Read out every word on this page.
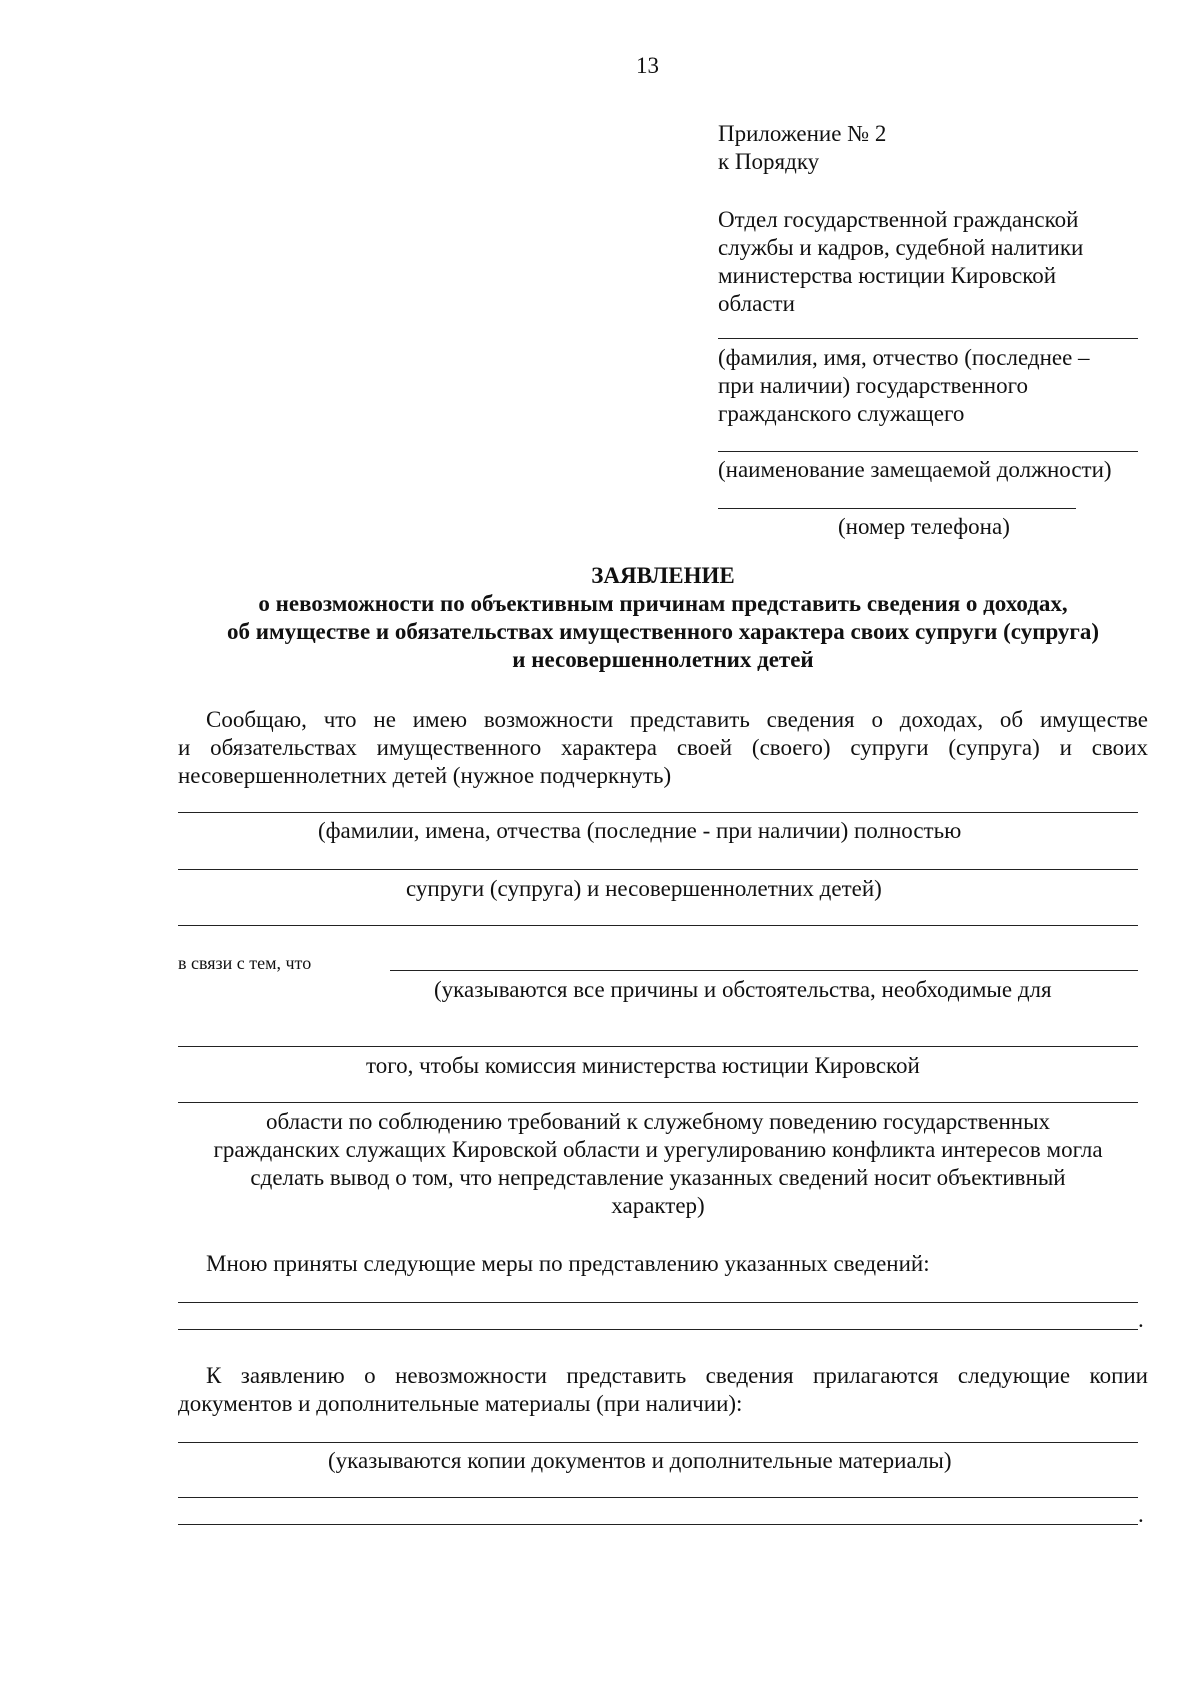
13
Приложение № 2
к Порядку
Отдел государственной гражданской
службы и кадров, судебной налитики
министерства юстиции Кировской
области
(фамилия, имя, отчество (последнее –
при наличии) государственного
гражданского служащего
(наименование замещаемой должности)
(номер телефона)
ЗАЯВЛЕНИЕ
о невозможности по объективным причинам представить сведения о доходах,
об имуществе и обязательствах имущественного характера своих супруги (супруга)
и несовершеннолетних детей
Сообщаю, что не имею возможности представить сведения о доходах, об имуществе
и обязательствах имущественного характера своей (своего) супруги (супруга) и своих
несовершеннолетних детей (нужное подчеркнуть)
(фамилии, имена, отчества (последние - при наличии) полностью
супруги (супруга) и несовершеннолетних детей)
в связи с тем, что
(указываются все причины и обстоятельства, необходимые для
того, чтобы комиссия министерства юстиции Кировской
области по соблюдению требований к служебному поведению государственных
гражданских служащих Кировской области и урегулированию конфликта интересов могла
сделать вывод о том, что непредставление указанных сведений носит объективный
характер)
Мною приняты следующие меры по представлению указанных сведений:
.
К заявлению о невозможности представить сведения прилагаются следующие копии
документов и дополнительные материалы (при наличии):
(указываются копии документов и дополнительные материалы)
.
